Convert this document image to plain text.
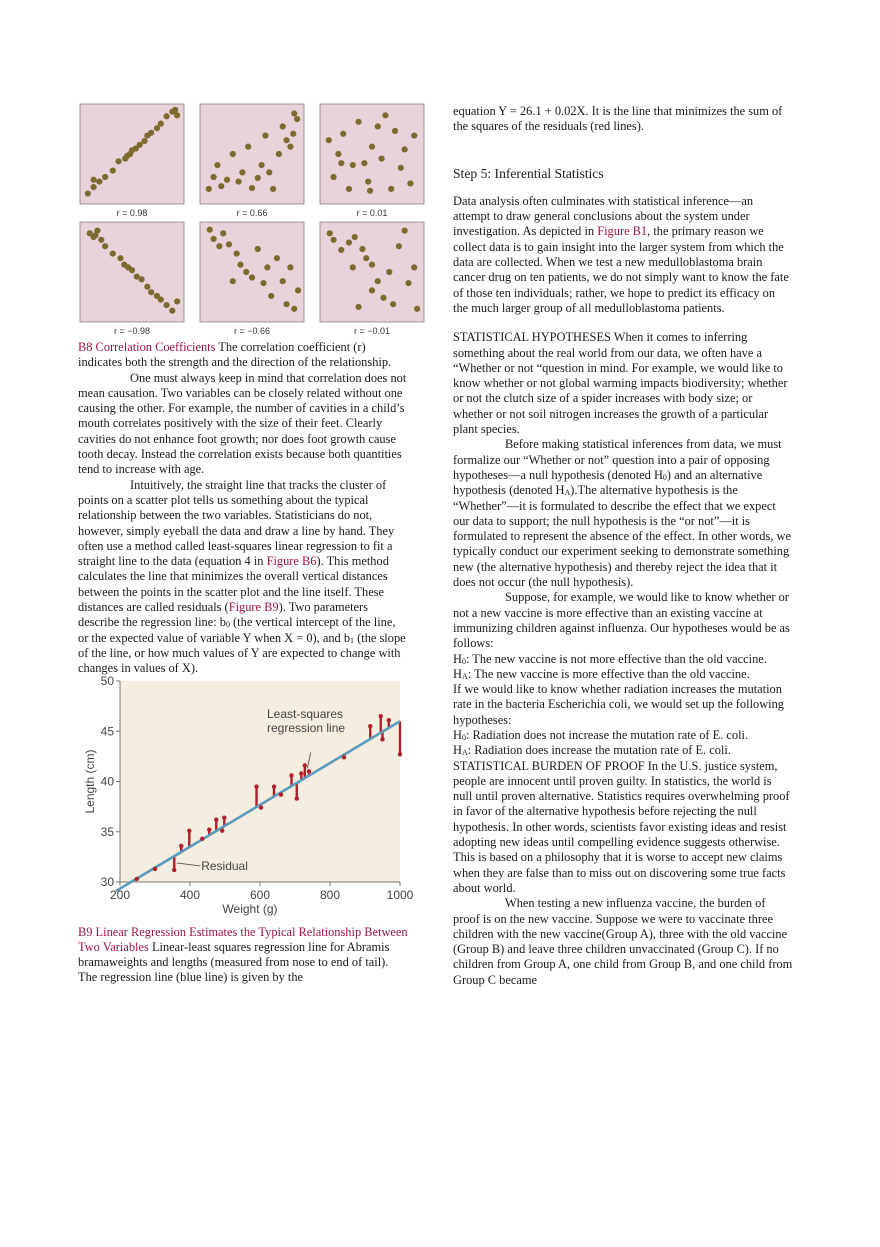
r = 0.98	r = 0.66	r = 0.01
r = −0.98	r = −0.66	r = −0.01

B8 Correlation Coefficients The correlation coefficient (r) indicates both the strength and the direction of the relationship.

One must always keep in mind that correlation does not mean causation. Two variables can be closely related without one causing the other. For example, the number of cavities in a child’s mouth correlates positively with the size of their feet. Clearly cavities do not enhance foot growth; nor does foot growth cause tooth decay. Instead the correlation exists because both quantities tend to increase with age.

Intuitively, the straight line that tracks the cluster of points on a scatter plot tells us something about the typical relationship between the two variables. Statisticians do not, however, simply eyeball the data and draw a line by hand. They often use a method called least-squares linear regression to fit a straight line to the data (equation 4 in Figure B6). This method calculates the line that minimizes the overall vertical distances between the points in the scatter plot and the line itself. These distances are called residuals (Figure B9). Two parameters describe the regression line: $b_0$ (the vertical intercept of the line, or the expected value of variable Y when X = 0), and $b_1$ (the slope of the line, or how much values of Y are expected to change with changes in values of X).

30
35
40
45
50
200	400	600	800	1000
Weight (g)
Length (cm)
Least-squares
regression line
Residual

B9 Linear Regression Estimates the Typical Relationship Between Two Variables Linear-least squares regression line for Abramis bramaweights and lengths (measured from nose to end of tail). The regression line (blue line) is given by the

equation Y = 26.1 + 0.02X. It is the line that minimizes the sum of the squares of the residuals (red lines).

Step 5: Inferential Statistics

Data analysis often culminates with statistical inference—an attempt to draw general conclusions about the system under investigation. As depicted in Figure B1, the primary reason we collect data is to gain insight into the larger system from which the data are collected. When we test a new medulloblastoma brain cancer drug on ten patients, we do not simply want to know the fate of those ten individuals; rather, we hope to predict its efficacy on the much larger group of all medulloblastoma patients.

STATISTICAL HYPOTHESES When it comes to inferring something about the real world from our data, we often have a “Whether or not “question in mind. For example, we would like to know whether or not global warming impacts biodiversity; whether or not the clutch size of a spider increases with body size; or whether or not soil nitrogen increases the growth of a particular plant species.

Before making statistical inferences from data, we must formalize our “Whether or not” question into a pair of opposing hypotheses—a null hypothesis (denoted $H_0$) and an alternative hypothesis (denoted $H_A).The$ alternative hypothesis is the “Whether”—it is formulated to describe the effect that we expect our data to support; the null hypothesis is the “or not”—it is formulated to represent the absence of the effect. In other words, we typically conduct our experiment seeking to demonstrate something new (the alternative hypothesis) and thereby reject the idea that it does not occur (the null hypothesis).

Suppose, for example, we would like to know whether or not a new vaccine is more effective than an existing vaccine at immunizing children against influenza. Our hypotheses would be as follows:

$H_0$: The new vaccine is not more effective than the old vaccine.

$H_A$: The new vaccine is more effective than the old vaccine.

If we would like to know whether radiation increases the mutation rate in the bacteria Escherichia coli, we would set up the following hypotheses:

$H_0$: Radiation does not increase the mutation rate of E. coli.

$H_A$: Radiation does increase the mutation rate of E. coli.

STATISTICAL BURDEN OF PROOF In the U.S. justice system, people are innocent until proven guilty. In statistics, the world is null until proven alternative. Statistics requires overwhelming proof in favor of the alternative hypothesis before rejecting the null hypothesis. In other words, scientists favor existing ideas and resist adopting new ideas until compelling evidence suggests otherwise. This is based on a philosophy that it is worse to accept new claims when they are false than to miss out on discovering some true facts about world.

When testing a new influenza vaccine, the burden of proof is on the new vaccine. Suppose we were to vaccinate three children with the new vaccine(Group A), three with the old vaccine (Group B) and leave three children unvaccinated (Group C). If no children from Group A, one child from Group B, and one child from Group C became
